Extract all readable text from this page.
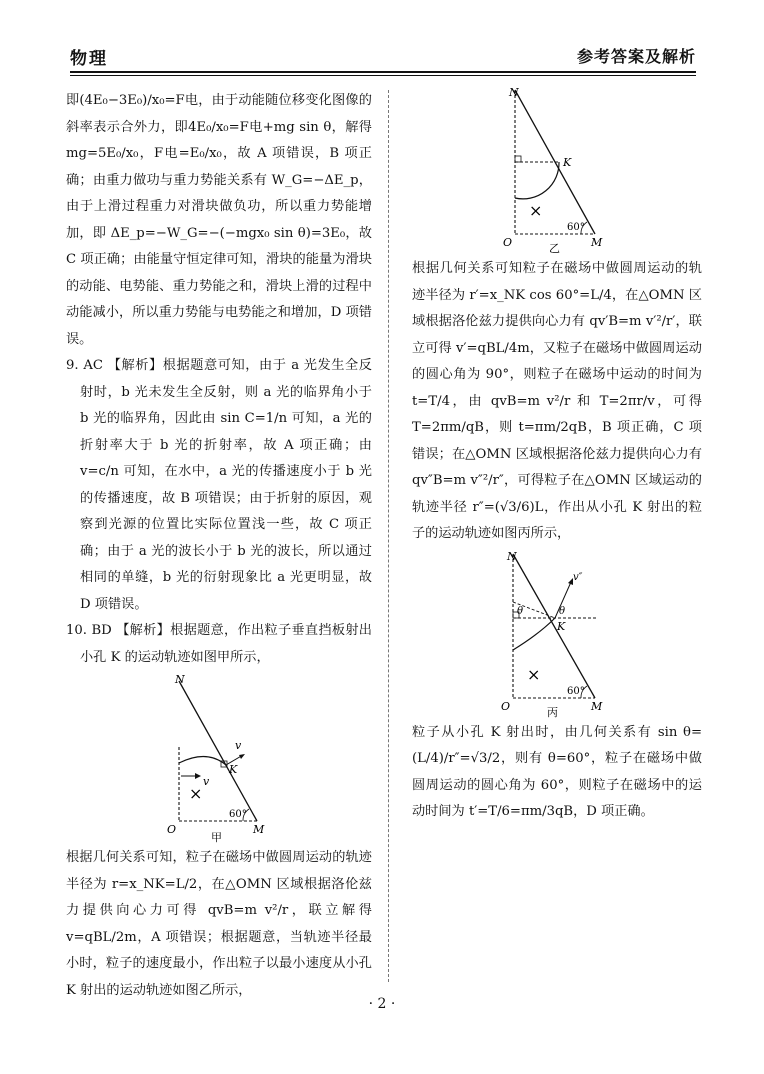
物理	参考答案及解析

即(4E₀−3E₀)/x₀=F电，由于动能随位移变化图像的斜率表示合外力，即4E₀/x₀=F电+mg sin θ，解得 mg=5E₀/x₀，F电=E₀/x₀，故 A 项错误，B 项正确；由重力做功与重力势能关系有 W_G=−ΔE_p，由于上滑过程重力对滑块做负功，所以重力势能增加，即 ΔE_p=−W_G=−(−mgx₀ sin θ)=3E₀，故 C 项正确；由能量守恒定律可知，滑块的能量为滑块的动能、电势能、重力势能之和，滑块上滑的过程中动能减小，所以重力势能与电势能之和增加，D 项错误。

9. AC 【解析】根据题意可知，由于 a 光发生全反射时，b 光未发生全反射，则 a 光的临界角小于 b 光的临界角，因此由 sin C=1/n 可知，a 光的折射率大于 b 光的折射率，故 A 项正确；由 v=c/n 可知，在水中，a 光的传播速度小于 b 光的传播速度，故 B 项错误；由于折射的原因，观察到光源的位置比实际位置浅一些，故 C 项正确；由于 a 光的波长小于 b 光的波长，所以通过相同的单缝，b 光的衍射现象比 a 光更明显，故 D 项错误。

10. BD 【解析】根据题意，作出粒子垂直挡板射出小孔 K 的运动轨迹如图甲所示，

N
K
v
v
×
60°
O	M
甲

根据几何关系可知，粒子在磁场中做圆周运动的轨迹半径为 r=x_NK=L/2，在△OMN 区域根据洛伦兹力提供向心力可得 qvB=m v²/r，联立解得 v=qBL/2m，A 项错误；根据题意，当轨迹半径最小时，粒子的速度最小，作出粒子以最小速度从小孔 K 射出的运动轨迹如图乙所示，

N
K
×
60°
O	M
乙

根据几何关系可知粒子在磁场中做圆周运动的轨迹半径为 r′=x_NK cos 60°=L/4，在△OMN 区域根据洛伦兹力提供向心力有 qv′B=m v′²/r′，联立可得 v′=qBL/4m，又粒子在磁场中做圆周运动的圆心角为 90°，则粒子在磁场中运动的时间为 t=T/4，由 qvB=m v²/r 和 T=2πr/v，可得 T=2πm/qB，则 t=πm/2qB，B 项正确，C 项错误；在△OMN 区域根据洛伦兹力提供向心力有 qv″B=m v″²/r″，可得粒子在△OMN 区域运动的轨迹半径 r″=(√3/6)L，作出从小孔 K 射出的粒子的运动轨迹如图丙所示，

N
v″
θ	θ
K
×
60°
O	M
丙

粒子从小孔 K 射出时，由几何关系有 sin θ=(L/4)/r″=√3/2，则有 θ=60°，粒子在磁场中做圆周运动的圆心角为 60°，则粒子在磁场中的运动时间为 t′=T/6=πm/3qB，D 项正确。

· 2 ·
